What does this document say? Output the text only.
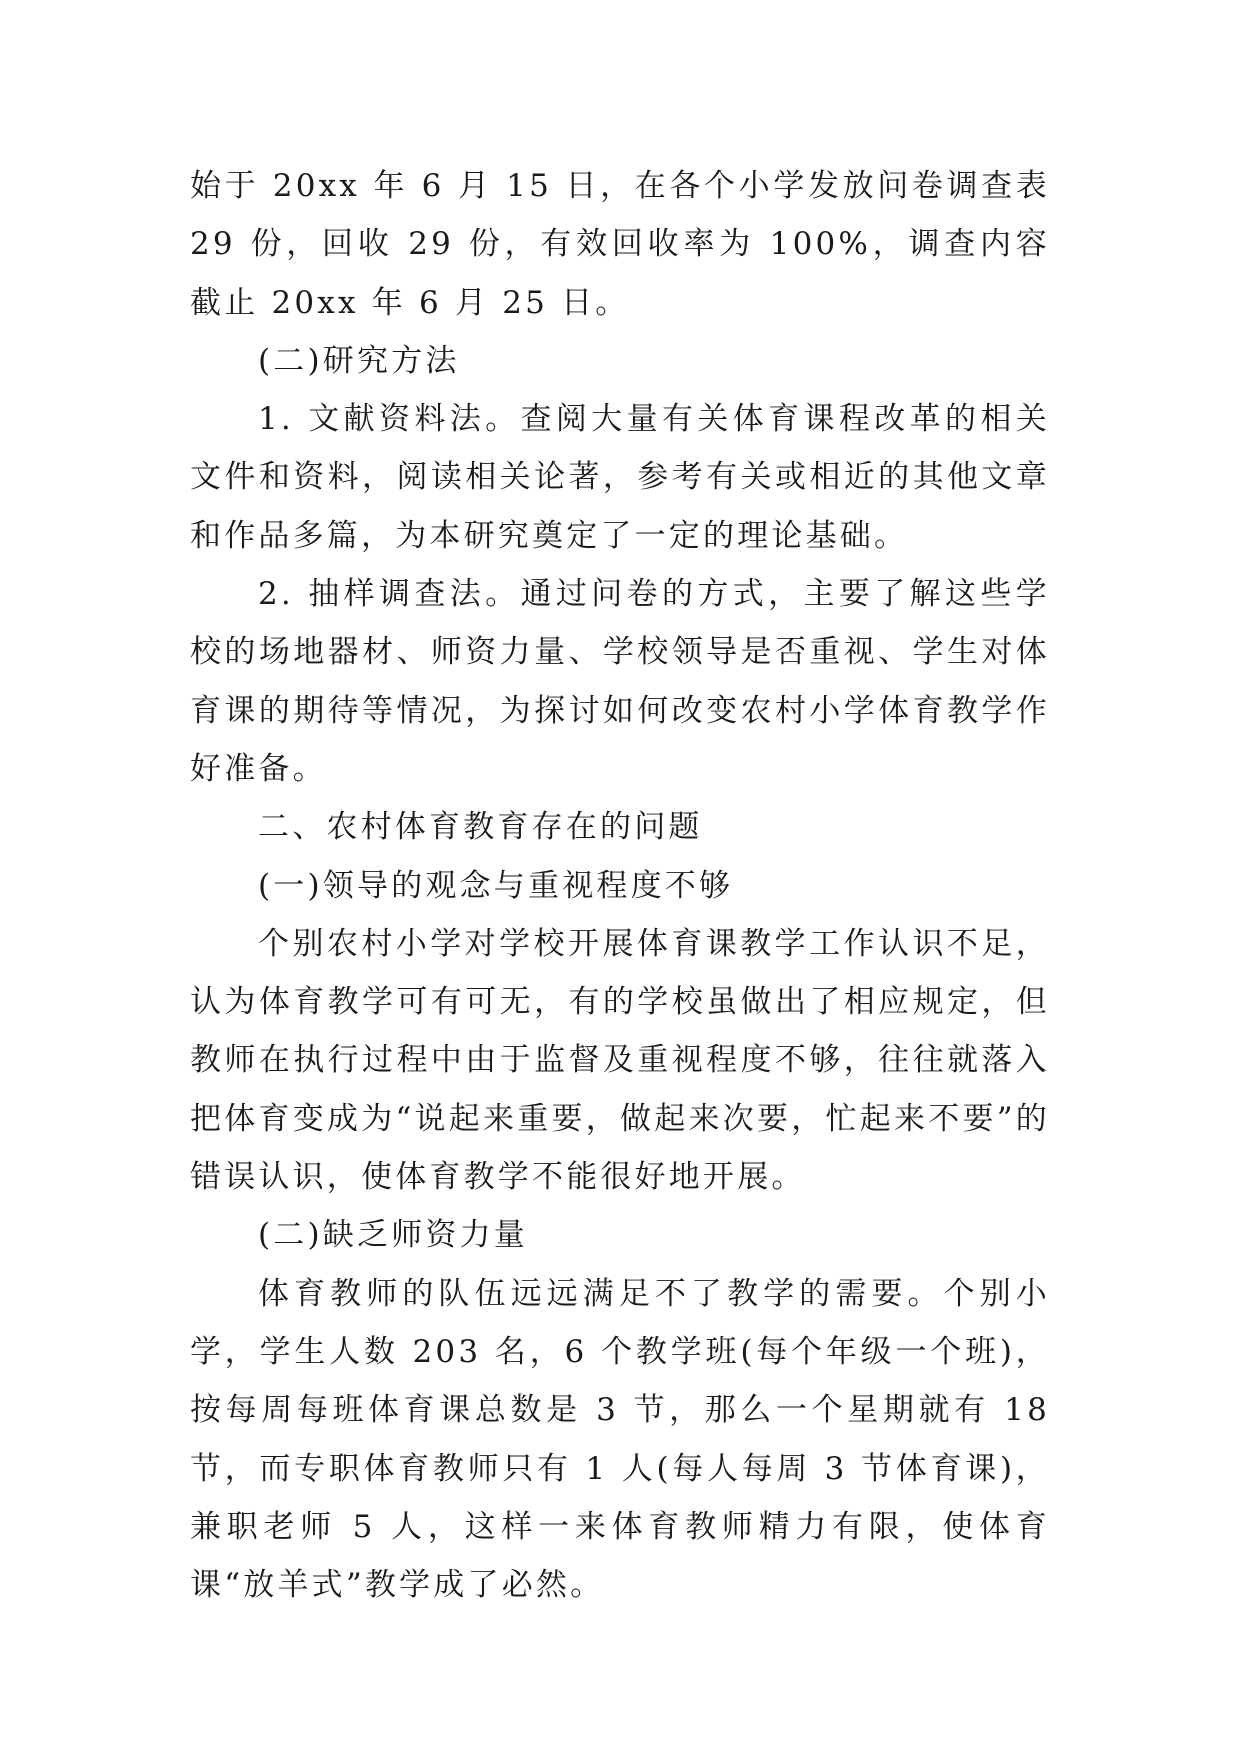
始于 20xx 年 6 月 15 日，在各个小学发放问卷调查表 29 份，回收 29 份，有效回收率为 100%，调查内容截止 20xx 年 6 月 25 日。

(二)研究方法

1. 文献资料法。查阅大量有关体育课程改革的相关文件和资料，阅读相关论著，参考有关或相近的其他文章和作品多篇，为本研究奠定了一定的理论基础。

2. 抽样调查法。通过问卷的方式，主要了解这些学校的场地器材、师资力量、学校领导是否重视、学生对体育课的期待等情况，为探讨如何改变农村小学体育教学作好准备。

二、农村体育教育存在的问题

(一)领导的观念与重视程度不够

个别农村小学对学校开展体育课教学工作认识不足，认为体育教学可有可无，有的学校虽做出了相应规定，但教师在执行过程中由于监督及重视程度不够，往往就落入把体育变成为“说起来重要，做起来次要，忙起来不要”的错误认识，使体育教学不能很好地开展。

(二)缺乏师资力量

体育教师的队伍远远满足不了教学的需要。个别小学，学生人数 203 名，6 个教学班(每个年级一个班)，按每周每班体育课总数是 3 节，那么一个星期就有 18 节，而专职体育教师只有 1 人(每人每周 3 节体育课)，兼职老师 5 人，这样一来体育教师精力有限，使体育课“放羊式”教学成了必然。
